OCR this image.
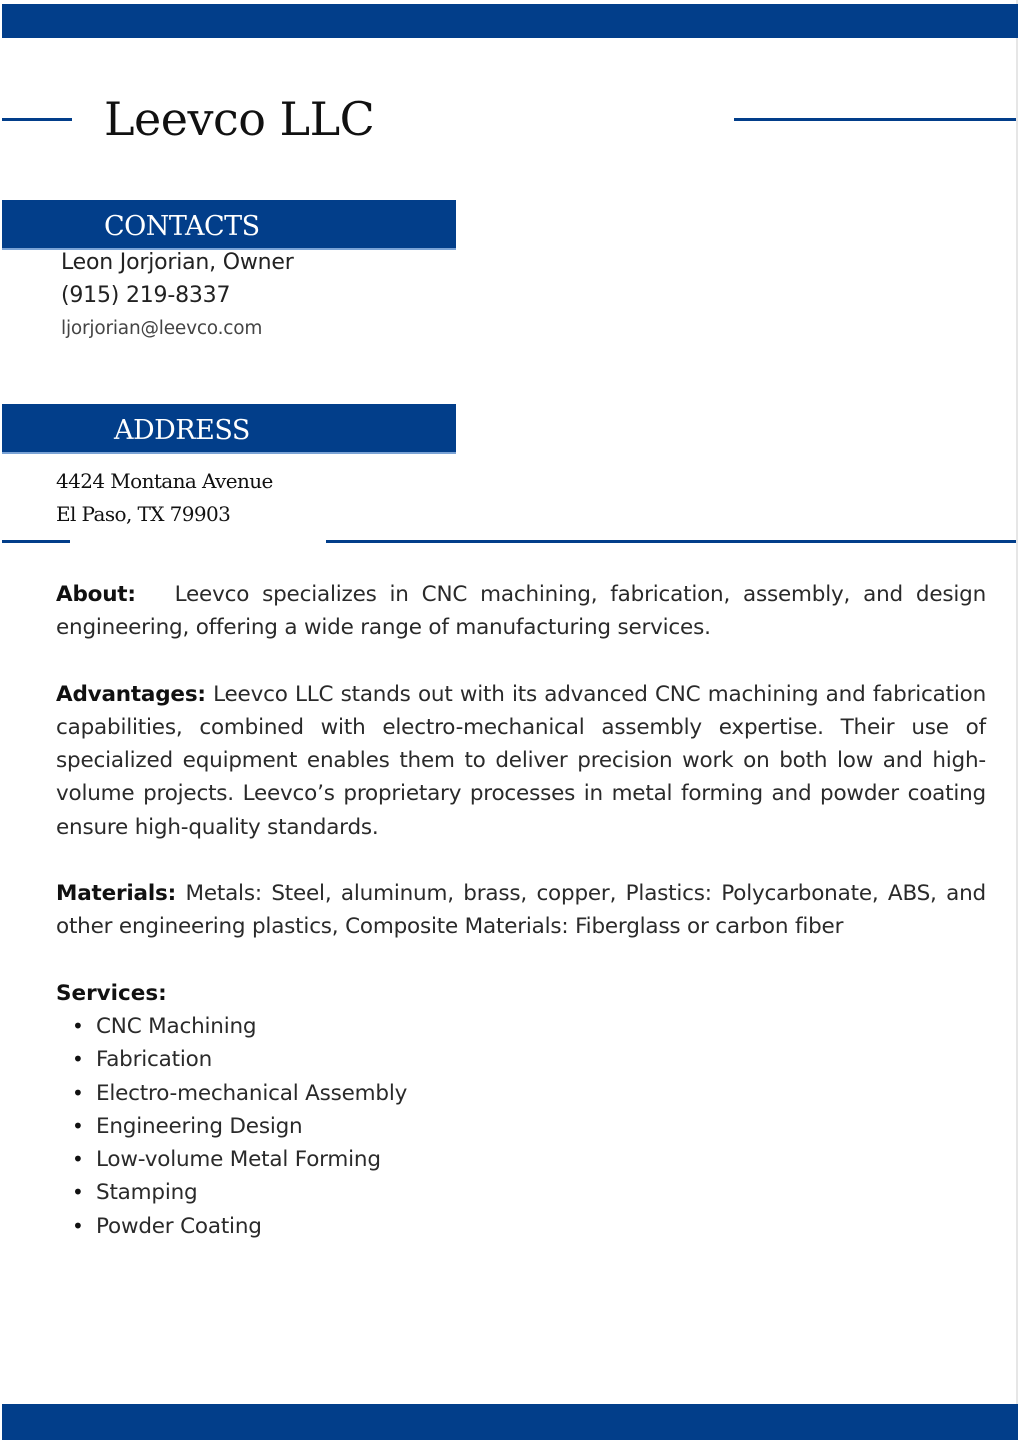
Leevco LLC
CONTACTS
Leon Jorjorian, Owner
(915) 219-8337
ljorjorian@leevco.com
ADDRESS
4424 Montana Avenue
El Paso, TX 79903

About: Leevco specializes in CNC machining, fabrication, assembly, and design engineering, offering a wide range of manufacturing services.

Advantages: Leevco LLC stands out with its advanced CNC machining and fabrication capabilities, combined with electro-mechanical assembly expertise. Their use of specialized equipment enables them to deliver precision work on both low and high-volume projects. Leevco’s proprietary processes in metal forming and powder coating ensure high-quality standards.

Materials: Metals: Steel, aluminum, brass, copper, Plastics: Polycarbonate, ABS, and other engineering plastics, Composite Materials: Fiberglass or carbon fiber

Services:

• CNC Machining
• Fabrication
• Electro-mechanical Assembly
• Engineering Design
• Low-volume Metal Forming
• Stamping
• Powder Coating
